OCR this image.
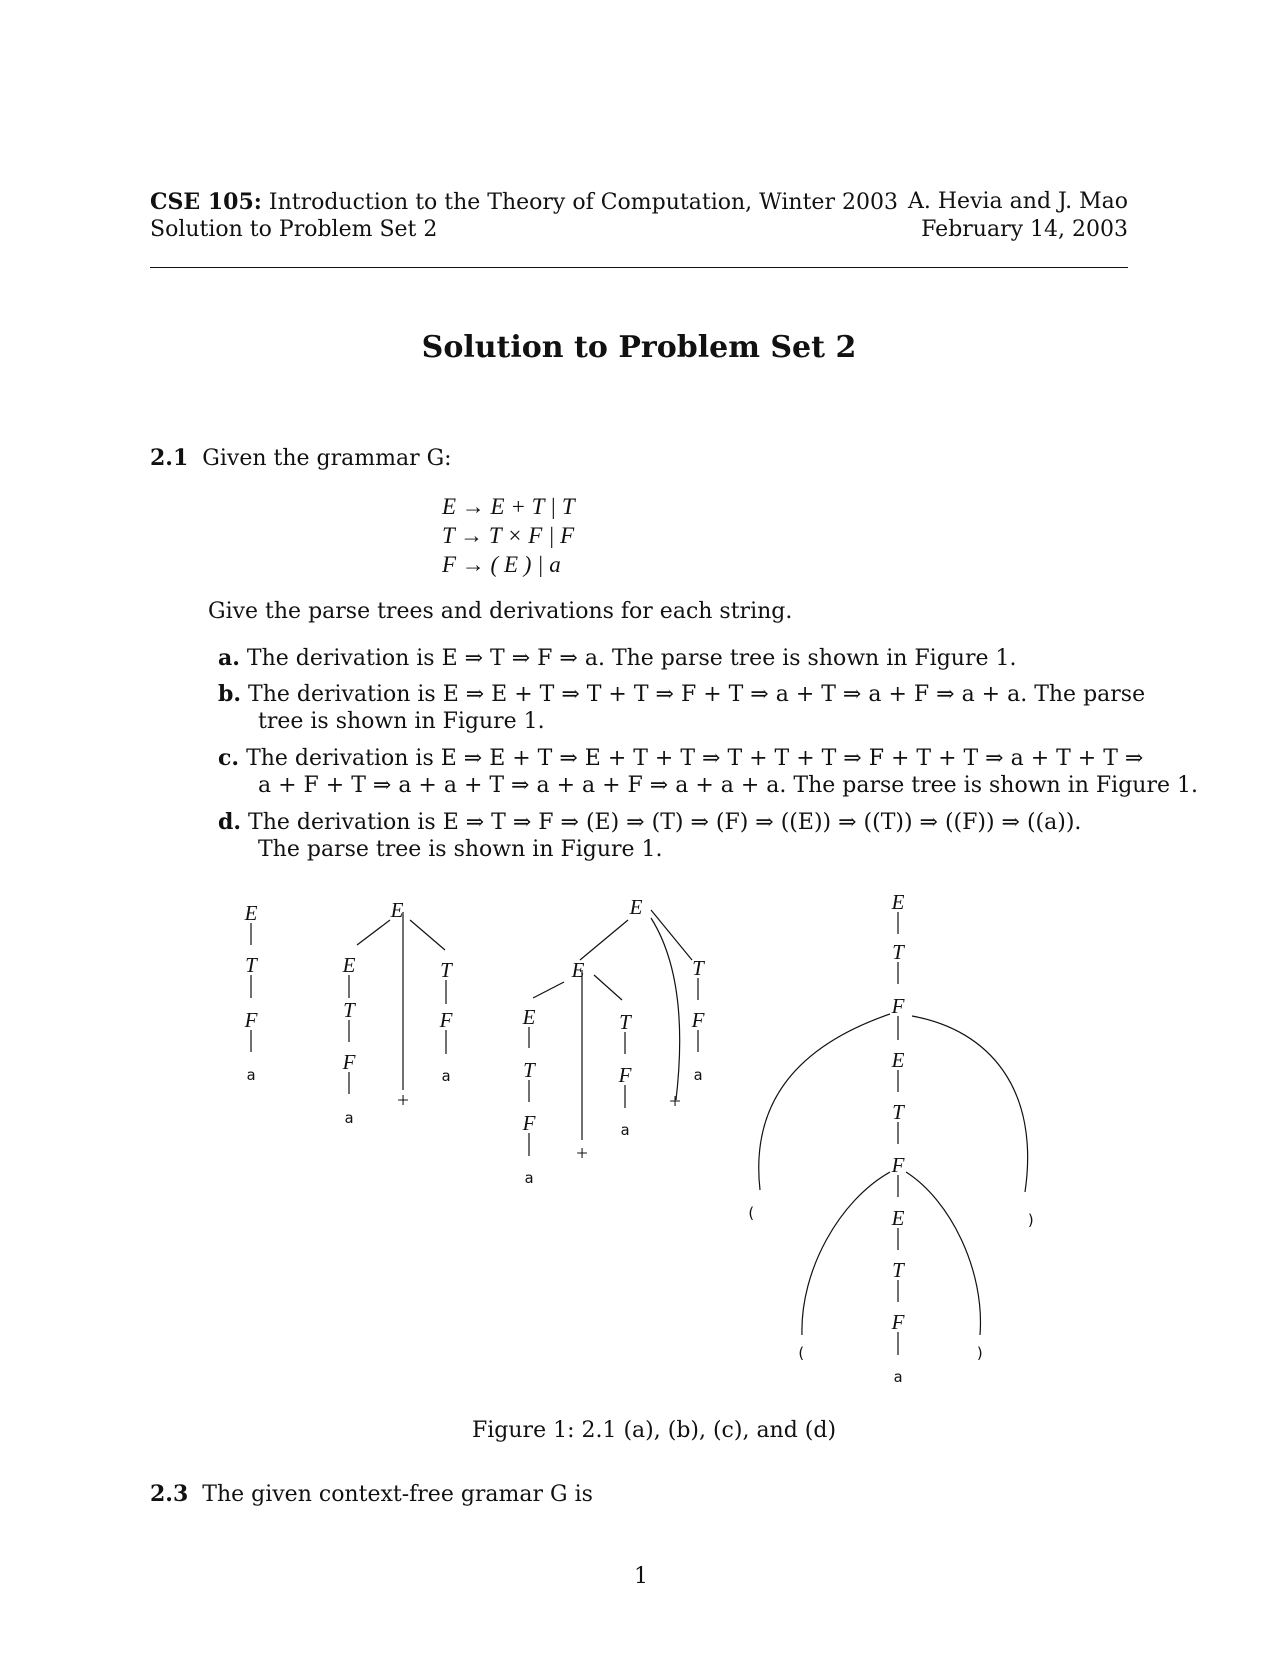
CSE 105: Introduction to the Theory of Computation, Winter 2003
Solution to Problem Set 2
A. Hevia and J. Mao
February 14, 2003
Solution to Problem Set 2
2.1 Given the grammar G:
E → E + T | T
T → T × F | F
F → ( E ) | a
Give the parse trees and derivations for each string.
a. The derivation is E ⇒ T ⇒ F ⇒ a. The parse tree is shown in Figure 1.
b. The derivation is E ⇒ E + T ⇒ T + T ⇒ F + T ⇒ a + T ⇒ a + F ⇒ a + a. The parse
tree is shown in Figure 1.
c. The derivation is E ⇒ E + T ⇒ E + T + T ⇒ T + T + T ⇒ F + T + T ⇒ a + T + T ⇒
a + F + T ⇒ a + a + T ⇒ a + a + F ⇒ a + a + a. The parse tree is shown in Figure 1.
d. The derivation is E ⇒ T ⇒ F ⇒ (E) ⇒ (T) ⇒ (F) ⇒ ((E)) ⇒ ((T)) ⇒ ((F)) ⇒ ((a)).
The parse tree is shown in Figure 1.
E
T
F
E
E	T
T	F
F
E
E	T
E	T	F
T	F
F
E
T
F
E
T
F
E
T
F
a
a
a
a
a
a
a
(	)
(	)
+
+
+
Figure 1: 2.1 (a), (b), (c), and (d)
2.3 The given context-free gramar G is
1
